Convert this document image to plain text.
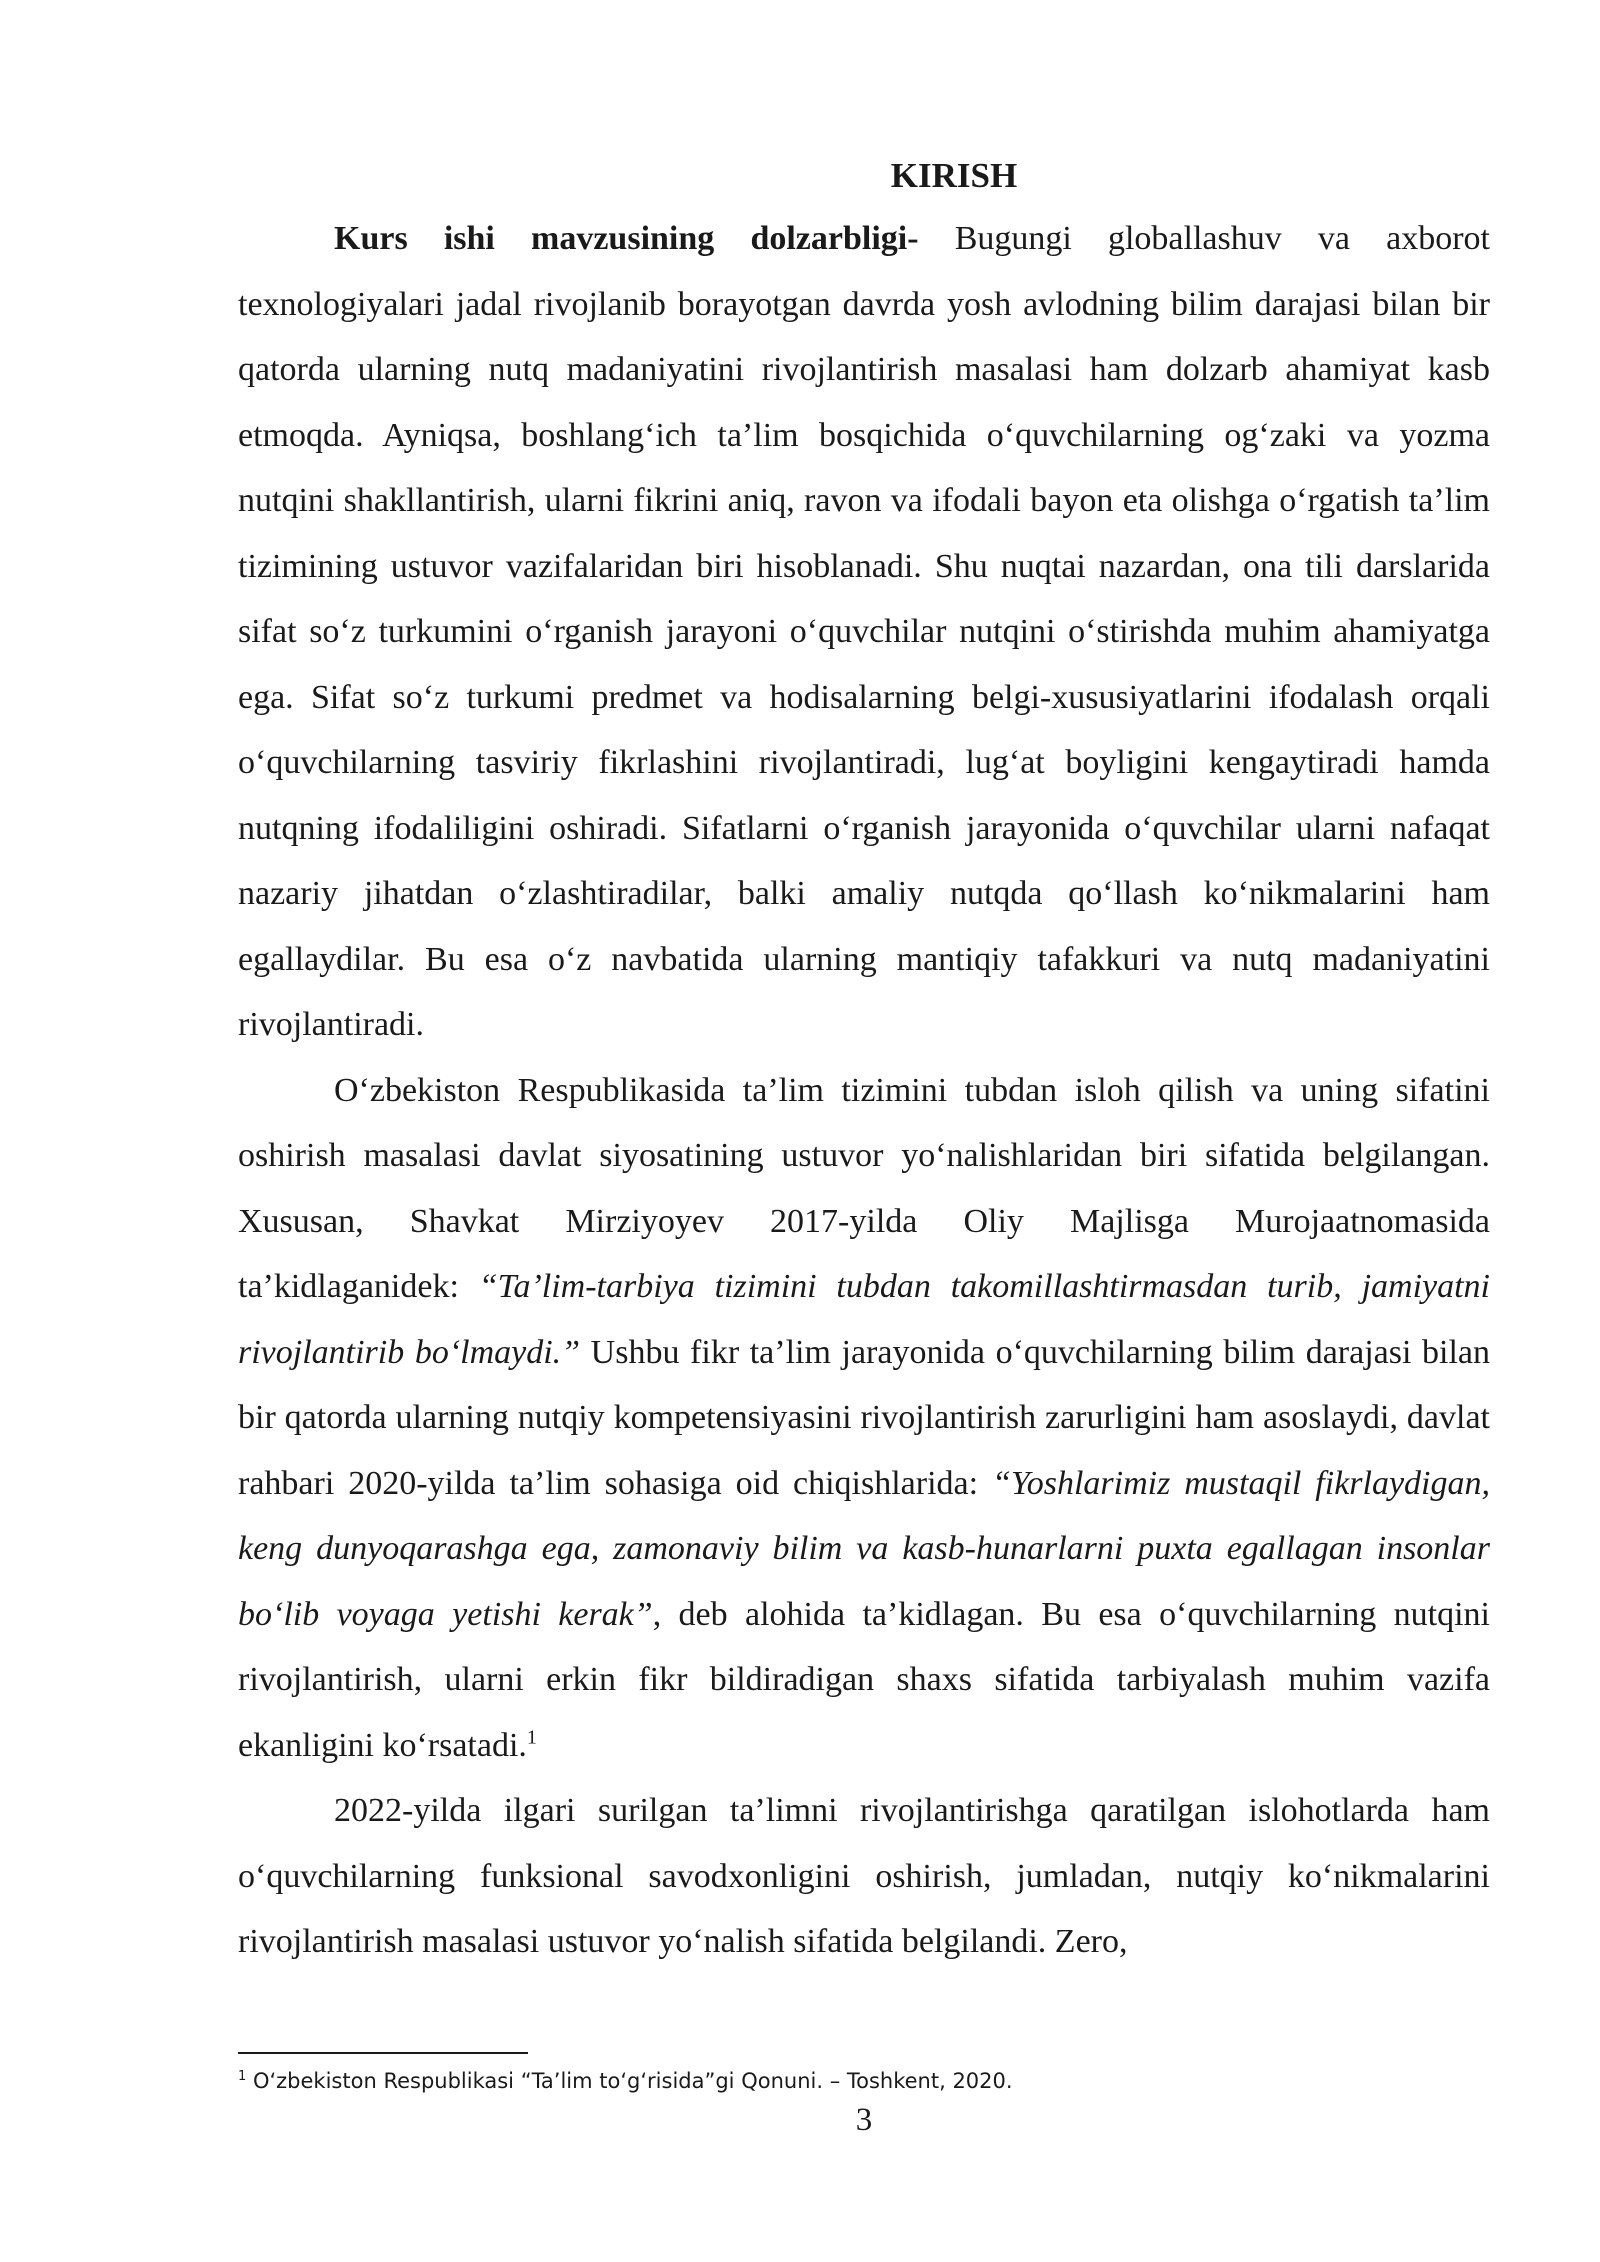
KIRISH

Kurs ishi mavzusining dolzarbligi- Bugungi globallashuv va axborot texnologiyalari jadal rivojlanib borayotgan davrda yosh avlodning bilim darajasi bilan bir qatorda ularning nutq madaniyatini rivojlantirish masalasi ham dolzarb ahamiyat kasb etmoqda. Ayniqsa, boshlang‘ich ta’lim bosqichida o‘quvchilarning og‘zaki va yozma nutqini shakllantirish, ularni fikrini aniq, ravon va ifodali bayon eta olishga o‘rgatish ta’lim tizimining ustuvor vazifalaridan biri hisoblanadi. Shu nuqtai nazardan, ona tili darslarida sifat so‘z turkumini o‘rganish jarayoni o‘quvchilar nutqini o‘stirishda muhim ahamiyatga ega. Sifat so‘z turkumi predmet va hodisalarning belgi-xususiyatlarini ifodalash orqali o‘quvchilarning tasviriy fikrlashini rivojlantiradi, lug‘at boyligini kengaytiradi hamda nutqning ifodaliligini oshiradi. Sifatlarni o‘rganish jarayonida o‘quvchilar ularni nafaqat nazariy jihatdan o‘zlashtiradilar, balki amaliy nutqda qo‘llash ko‘nikmalarini ham egallaydilar. Bu esa o‘z navbatida ularning mantiqiy tafakkuri va nutq madaniyatini rivojlantiradi.

O‘zbekiston Respublikasida ta’lim tizimini tubdan isloh qilish va uning sifatini oshirish masalasi davlat siyosatining ustuvor yo‘nalishlaridan biri sifatida belgilangan. Xususan, Shavkat Mirziyoyev 2017-yilda Oliy Majlisga Murojaatnomasida ta’kidlaganidek: “Ta’lim-tarbiya tizimini tubdan takomillashtirmasdan turib, jamiyatni rivojlantirib bo‘lmaydi.” Ushbu fikr ta’lim jarayonida o‘quvchilarning bilim darajasi bilan bir qatorda ularning nutqiy kompetensiyasini rivojlantirish zarurligini ham asoslaydi, davlat rahbari 2020-yilda ta’lim sohasiga oid chiqishlarida: “Yoshlarimiz mustaqil fikrlaydigan, keng dunyoqarashga ega, zamonaviy bilim va kasb-hunarlarni puxta egallagan insonlar bo‘lib voyaga yetishi kerak”, deb alohida ta’kidlagan. Bu esa o‘quvchilarning nutqini rivojlantirish, ularni erkin fikr bildiradigan shaxs sifatida tarbiyalash muhim vazifa ekanligini ko‘rsatadi.$^1$

2022-yilda ilgari surilgan ta’limni rivojlantirishga qaratilgan islohotlarda ham o‘quvchilarning funksional savodxonligini oshirish, jumladan, nutqiy ko‘nikmalarini rivojlantirish masalasi ustuvor yo‘nalish sifatida belgilandi. Zero,

$^1$ O‘zbekiston Respublikasi “Ta’lim to‘g‘risida”gi Qonuni. – Toshkent, 2020.
3
